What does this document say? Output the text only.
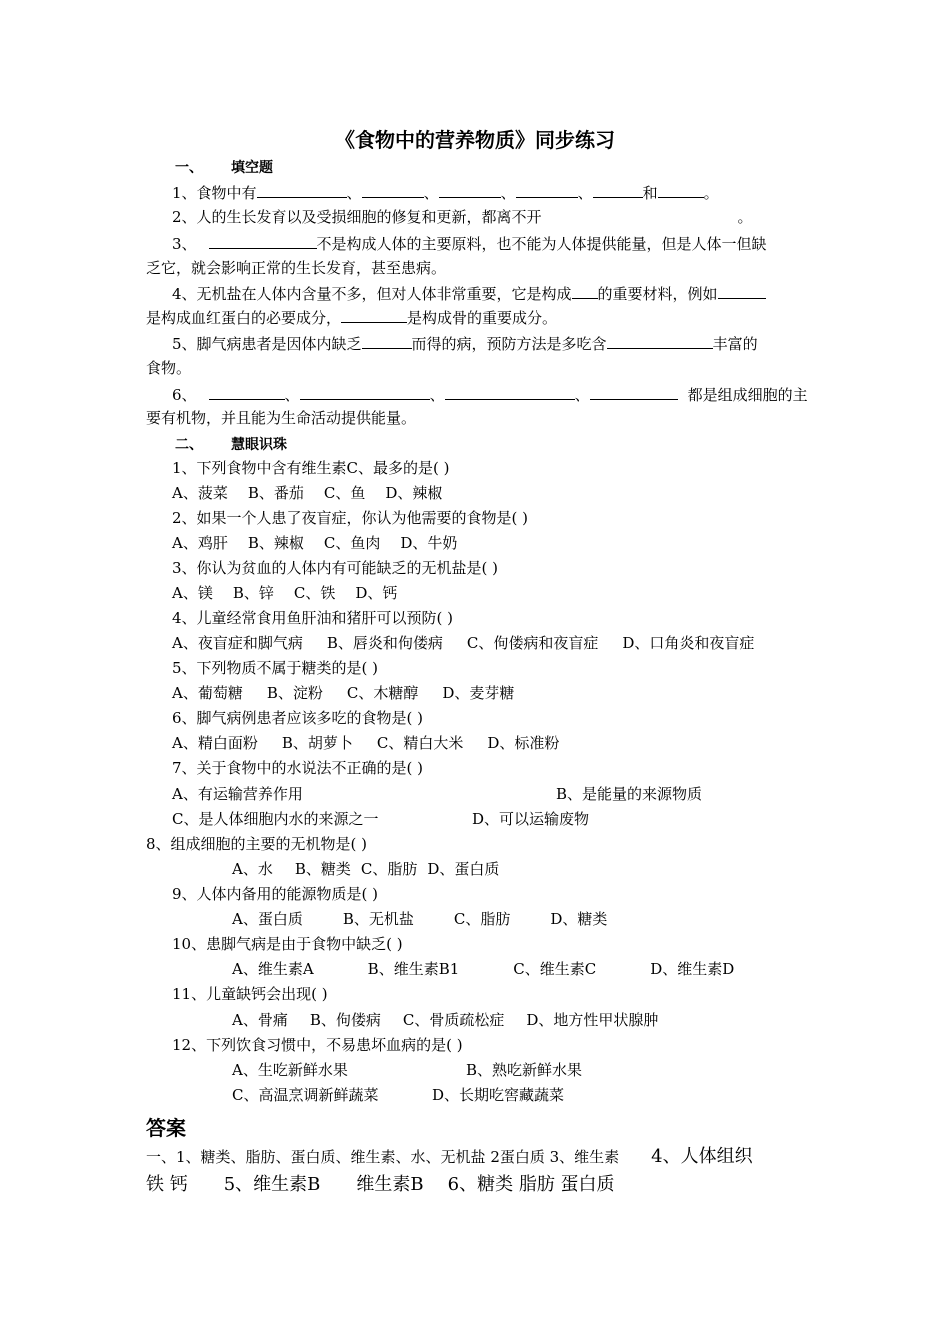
《食物中的营养物质》同步练习
一、 填空题
1、食物中有	、	、	、	、	和	。
2、人的生长发育以及受损细胞的修复和更新，都离不开	。
3、	不是构成人体的主要原料，也不能为人体提供能量，但是人体一但缺
乏它，就会影响正常的生长发育，甚至患病。
4、无机盐在人体内含量不多，但对人体非常重要，它是构成 的重要材料，例如
是构成血红蛋白的必要成分，	是构成骨的重要成分。
5、脚气病患者是因体内缺乏	而得的病，预防方法是多吃含	丰富的
食物。
6、	、	、	、	都是组成细胞的主
要有机物，并且能为生命活动提供能量。
二、 慧眼识珠
1、下列食物中含有维生素C、最多的是( )
A、菠菜 B、番茄 C、鱼 D、辣椒
2、如果一个人患了夜盲症，你认为他需要的食物是( )
A、鸡肝 B、辣椒 C、鱼肉 D、牛奶
3、你认为贫血的人体内有可能缺乏的无机盐是( )
A、镁 B、锌 C、铁 D、钙
4、儿童经常食用鱼肝油和猪肝可以预防( )
A、夜盲症和脚气病 B、唇炎和佝偻病 C、佝偻病和夜盲症 D、口角炎和夜盲症
5、下列物质不属于糖类的是( )
A、葡萄糖 B、淀粉 C、木糖醇 D、麦芽糖
6、脚气病例患者应该多吃的食物是( )
A、精白面粉 B、胡萝卜 C、精白大米 D、标准粉
7、关于食物中的水说法不正确的是( )
A、有运输营养作用	B、是能量的来源物质
C、是人体细胞内水的来源之一	D、可以运输废物
8、组成细胞的主要的无机物是( )
A、水 B、糖类 C、脂肪 D、蛋白质
9、人体内备用的能源物质是( )
A、蛋白质	B、无机盐	C、脂肪	D、糖类
10、患脚气病是由于食物中缺乏( )
A、维生素A	B、维生素B1	C、维生素C	D、维生素D
11、儿童缺钙会出现( )
A、骨痛 B、佝偻病 C、骨质疏松症 D、地方性甲状腺肿
12、下列饮食习惯中，不易患坏血病的是( )
A、生吃新鲜水果	B、熟吃新鲜水果
C、高温烹调新鲜蔬菜	D、长期吃窖藏蔬菜
答案
一、1、糖类、脂肪、蛋白质、维生素、水、无机盐 2蛋白质 3、维生素 4、人体组织
铁 钙 5、维生素B 维生素B 6、糖类 脂肪 蛋白质
